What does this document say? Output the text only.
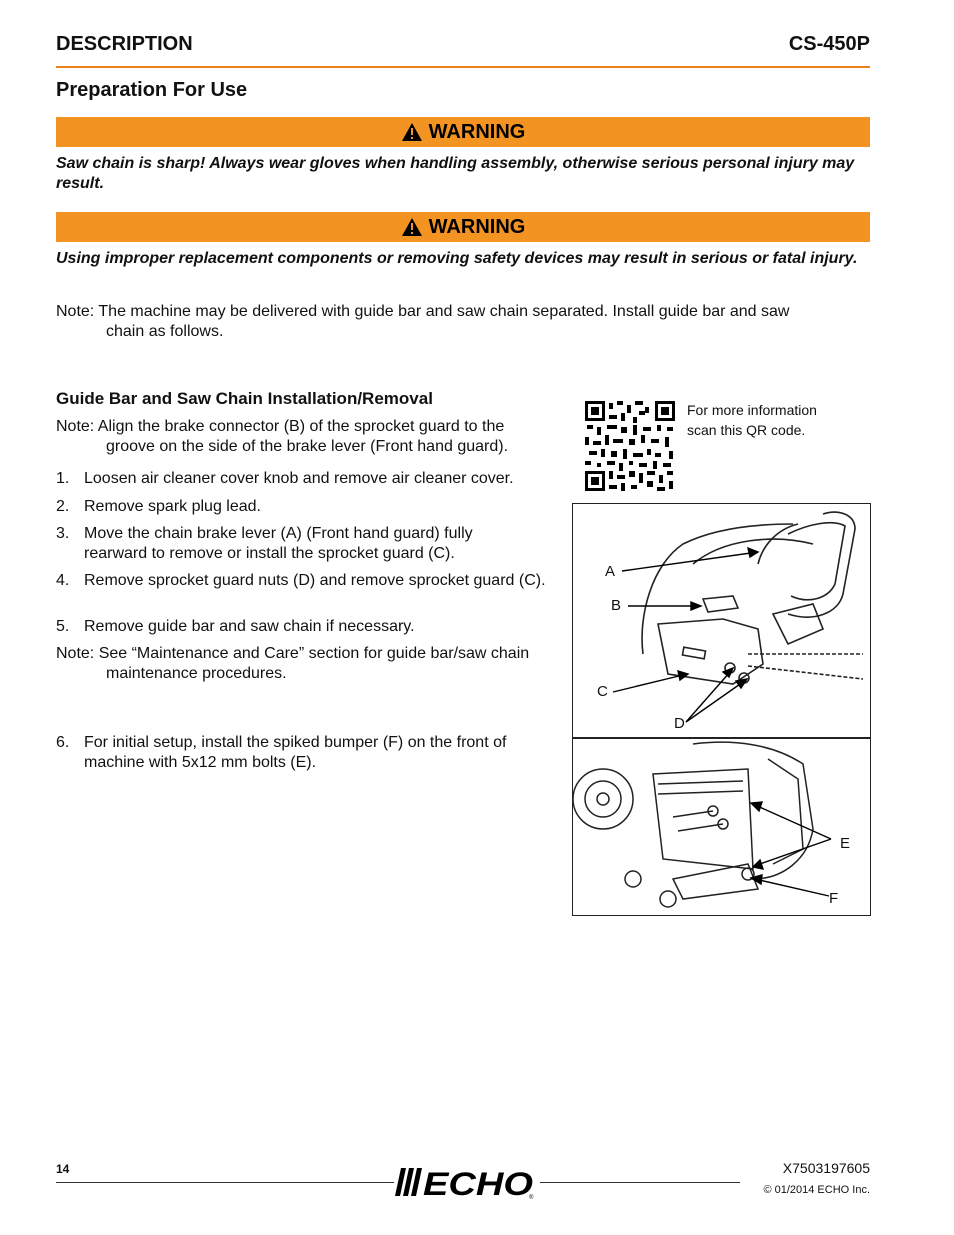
DESCRIPTION	CS-450P
Preparation For Use
WARNING
Saw chain is sharp! Always wear gloves when handling assembly, otherwise serious personal injury may result.
WARNING
Using improper replacement components or removing safety devices may result in serious or fatal injury.
Note: The machine may be delivered with guide bar and saw chain separated. Install guide bar and saw
chain as follows.
Guide Bar and Saw Chain Installation/Removal
Note: Align the brake connector (B) of the sprocket guard to the
groove on the side of the brake lever (Front hand guard).
1. Loosen air cleaner cover knob and remove air cleaner cover.
2. Remove spark plug lead.
3. Move the chain brake lever (A) (Front hand guard) fully rearward to remove or install the sprocket guard (C).
4. Remove sprocket guard nuts (D) and remove sprocket guard (C).
5. Remove guide bar and saw chain if necessary.
Note: See “Maintenance and Care” section for guide bar/saw chain
maintenance procedures.
6. For initial setup, install the spiked bumper (F) on the front of machine with 5x12 mm bolts (E).
For more information
scan this QR code.
A
B
C
D
E
F
14	ECHO
®
X7503197605
© 01/2014 ECHO Inc.
